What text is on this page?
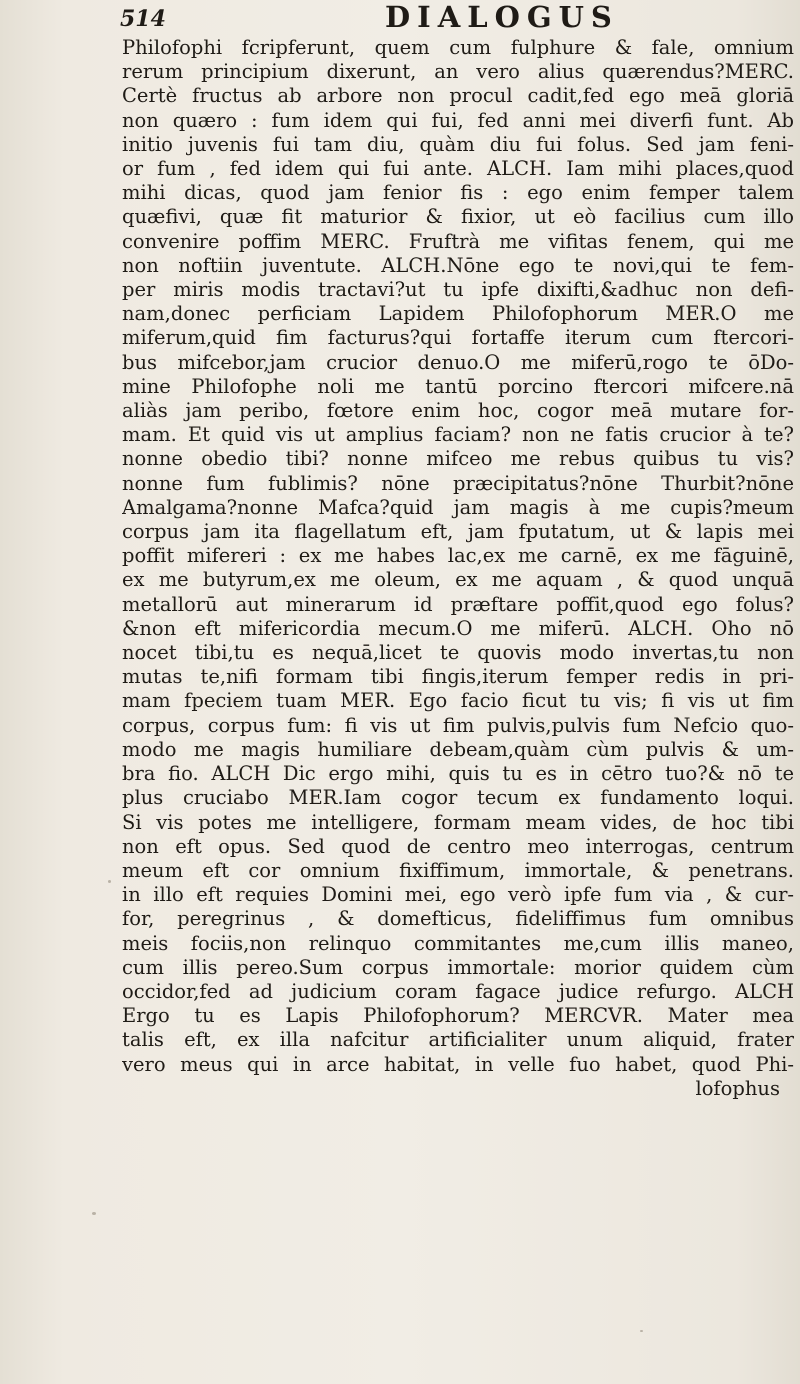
514	DIALOGUS
Philofophi fcripferunt, quem cum fulphure & fale, omnium
rerum principium dixerunt, an vero alius quærendus?MERC.
Certè fructus ab arbore non procul cadit,fed ego meā gloriā
non quæro : fum idem qui fui, fed anni mei diverfi funt. Ab
initio juvenis fui tam diu, quàm diu fui folus. Sed jam feni-
or fum , fed idem qui fui ante. ALCH. Iam mihi places,quod
mihi dicas, quod jam fenior fis : ego enim femper talem
quæfivi, quæ fit maturior & fixior, ut eò facilius cum illo
convenire poffim MERC. Fruftrà me vifitas fenem, qui me
non noftiin juventute. ALCH.Nōne ego te novi,qui te fem-
per miris modis tractavi?ut tu ipfe dixifti,&adhuc non defi-
nam,donec perficiam Lapidem Philofophorum MER.O me
miferum,quid fim facturus?qui fortaffe iterum cum ftercori-
bus mifcebor,jam crucior denuo.O me miferū,rogo te ōDo-
mine Philofophe noli me tantū porcino ftercori mifcere.nā
aliàs jam peribo, fœtore enim hoc, cogor meā mutare for-
mam. Et quid vis ut amplius faciam? non ne fatis crucior à te?
nonne obedio tibi? nonne mifceo me rebus quibus tu vis?
nonne fum fublimis? nōne præcipitatus?nōne Thurbit?nōne
Amalgama?nonne Mafca?quid jam magis à me cupis?meum
corpus jam ita flagellatum eft, jam fputatum, ut & lapis mei
poffit mifereri : ex me habes lac,ex me carnē, ex me fāguinē,
ex me butyrum,ex me oleum, ex me aquam , & quod unquā
metallorū aut minerarum id præftare poffit,quod ego folus?
&non eft mifericordia mecum.O me miferū. ALCH. Oho nō
nocet tibi,tu es nequā,licet te quovis modo invertas,tu non
mutas te,nifi formam tibi fingis,iterum femper redis in pri-
mam fpeciem tuam MER. Ego facio ficut tu vis; fi vis ut fim
corpus, corpus fum: fi vis ut fim pulvis,pulvis fum Nefcio quo-
modo me magis humiliare debeam,quàm cùm pulvis & um-
bra fio. ALCH Dic ergo mihi, quis tu es in cētro tuo?& nō te
plus cruciabo MER.Iam cogor tecum ex fundamento loqui.
Si vis potes me intelligere, formam meam vides, de hoc tibi
non eft opus. Sed quod de centro meo interrogas, centrum
meum eft cor omnium fixiffimum, immortale, & penetrans.
in illo eft requies Domini mei, ego verò ipfe fum via , & cur-
for, peregrinus , & domefticus, fideliffimus fum omnibus
meis fociis,non relinquo commitantes me,cum illis maneo,
cum illis pereo.Sum corpus immortale: morior quidem cùm
occidor,fed ad judicium coram fagace judice refurgo. ALCH
Ergo tu es Lapis Philofophorum? MERCVR. Mater mea
talis eft, ex illa nafcitur artificialiter unum aliquid, frater
vero meus qui in arce habitat, in velle fuo habet, quod Phi-
lofophus
